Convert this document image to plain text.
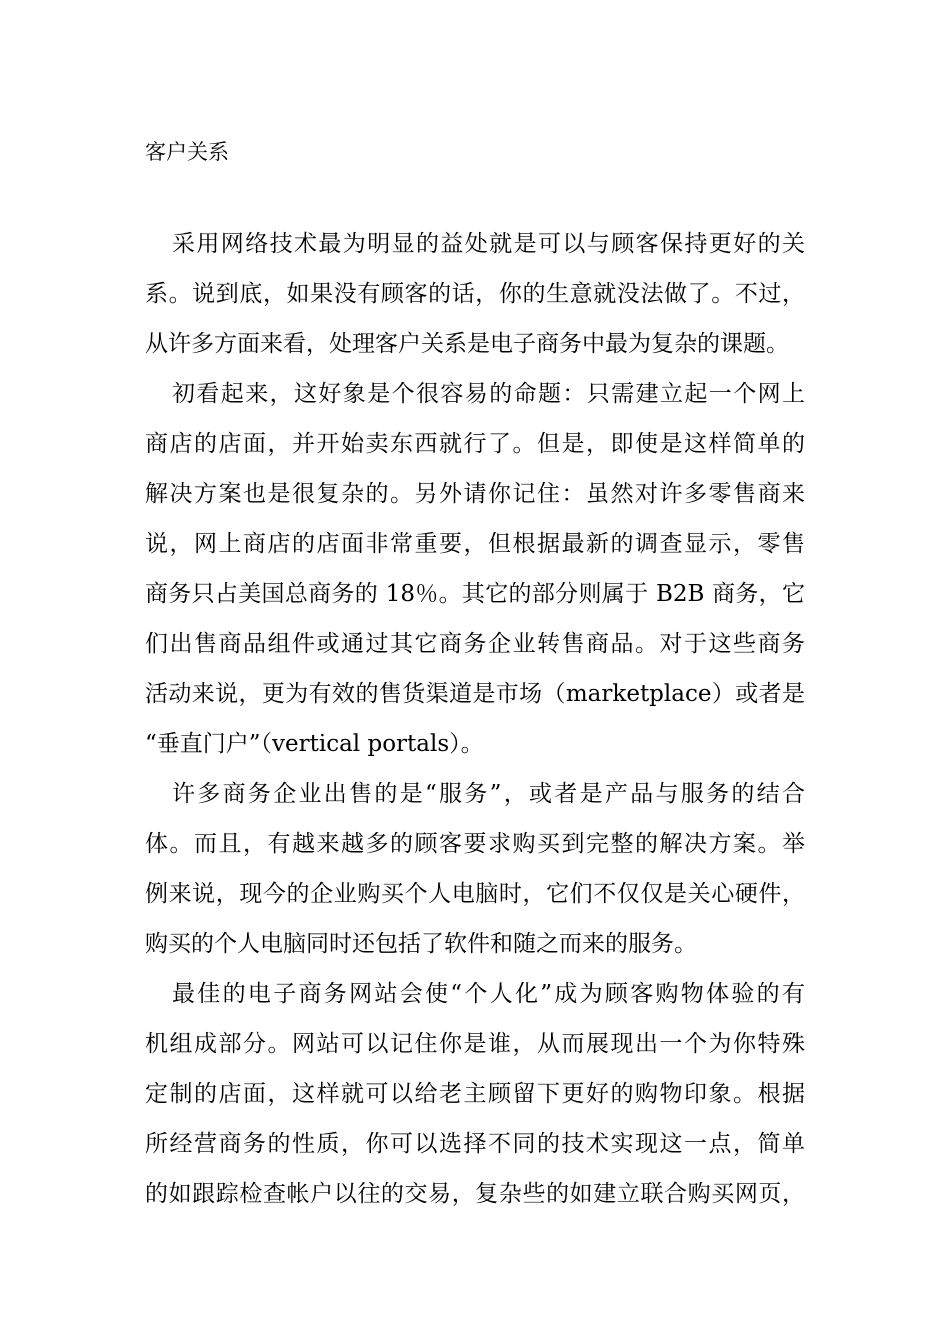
客户关系

采用网络技术最为明显的益处就是可以与顾客保持更好的关

系。说到底，如果没有顾客的话，你的生意就没法做了。不过，

从许多方面来看，处理客户关系是电子商务中最为复杂的课题。

初看起来，这好象是个很容易的命题：只需建立起一个网上

商店的店面，并开始卖东西就行了。但是，即使是这样简单的

解决方案也是很复杂的。另外请你记住：虽然对许多零售商来

说，网上商店的店面非常重要，但根据最新的调查显示，零售

商务只占美国总商务的 18％。其它的部分则属于 B2B 商务，它

们出售商品组件或通过其它商务企业转售商品。对于这些商务

活动来说，更为有效的售货渠道是市场（marketplace）或者是

“垂直门户”（vertical portals）。

许多商务企业出售的是“服务”，或者是产品与服务的结合

体。而且，有越来越多的顾客要求购买到完整的解决方案。举

例来说，现今的企业购买个人电脑时，它们不仅仅是关心硬件，

购买的个人电脑同时还包括了软件和随之而来的服务。

最佳的电子商务网站会使“个人化”成为顾客购物体验的有

机组成部分。网站可以记住你是谁，从而展现出一个为你特殊

定制的店面，这样就可以给老主顾留下更好的购物印象。根据

所经营商务的性质，你可以选择不同的技术实现这一点，简单

的如跟踪检查帐户以往的交易，复杂些的如建立联合购买网页，
